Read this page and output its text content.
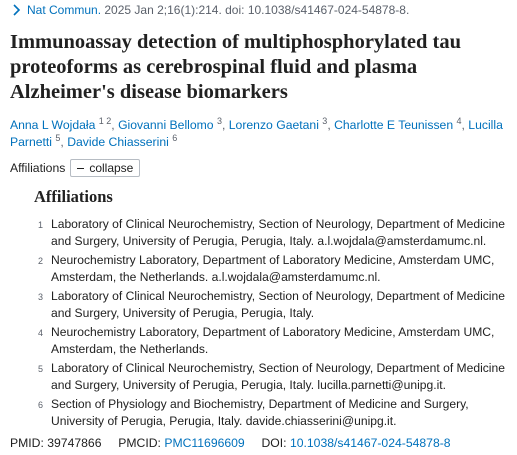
Nat Commun.
2025 Jan 2;16(1):214. doi: 10.1038/s41467-024-54878-8.
Immunoassay detection of multiphosphorylated tau proteoforms as cerebrospinal fluid and plasma Alzheimer's disease biomarkers
Anna L Wojdała $^{1 2}$, Giovanni Bellomo $^3$, Lorenzo Gaetani $^3$, Charlotte E Teunissen $^4$, Lucilla Parnetti $^5$, Davide Chiasserini $^6$
Affiliations collapse
Affiliations
1 Laboratory of Clinical Neurochemistry, Section of Neurology, Department of Medicine and Surgery, University of Perugia, Perugia, Italy. a.l.wojdala@amsterdamumc.nl.
2 Neurochemistry Laboratory, Department of Laboratory Medicine, Amsterdam UMC, Amsterdam, the Netherlands. a.l.wojdala@amsterdamumc.nl.
3 Laboratory of Clinical Neurochemistry, Section of Neurology, Department of Medicine and Surgery, University of Perugia, Perugia, Italy.
4 Neurochemistry Laboratory, Department of Laboratory Medicine, Amsterdam UMC, Amsterdam, the Netherlands.
5 Laboratory of Clinical Neurochemistry, Section of Neurology, Department of Medicine and Surgery, University of Perugia, Perugia, Italy. lucilla.parnetti@unipg.it.
6 Section of Physiology and Biochemistry, Department of Medicine and Surgery, University of Perugia, Perugia, Italy. davide.chiasserini@unipg.it.
PMID: 39747866 PMCID: PMC11696609 DOI: 10.1038/s41467-024-54878-8
